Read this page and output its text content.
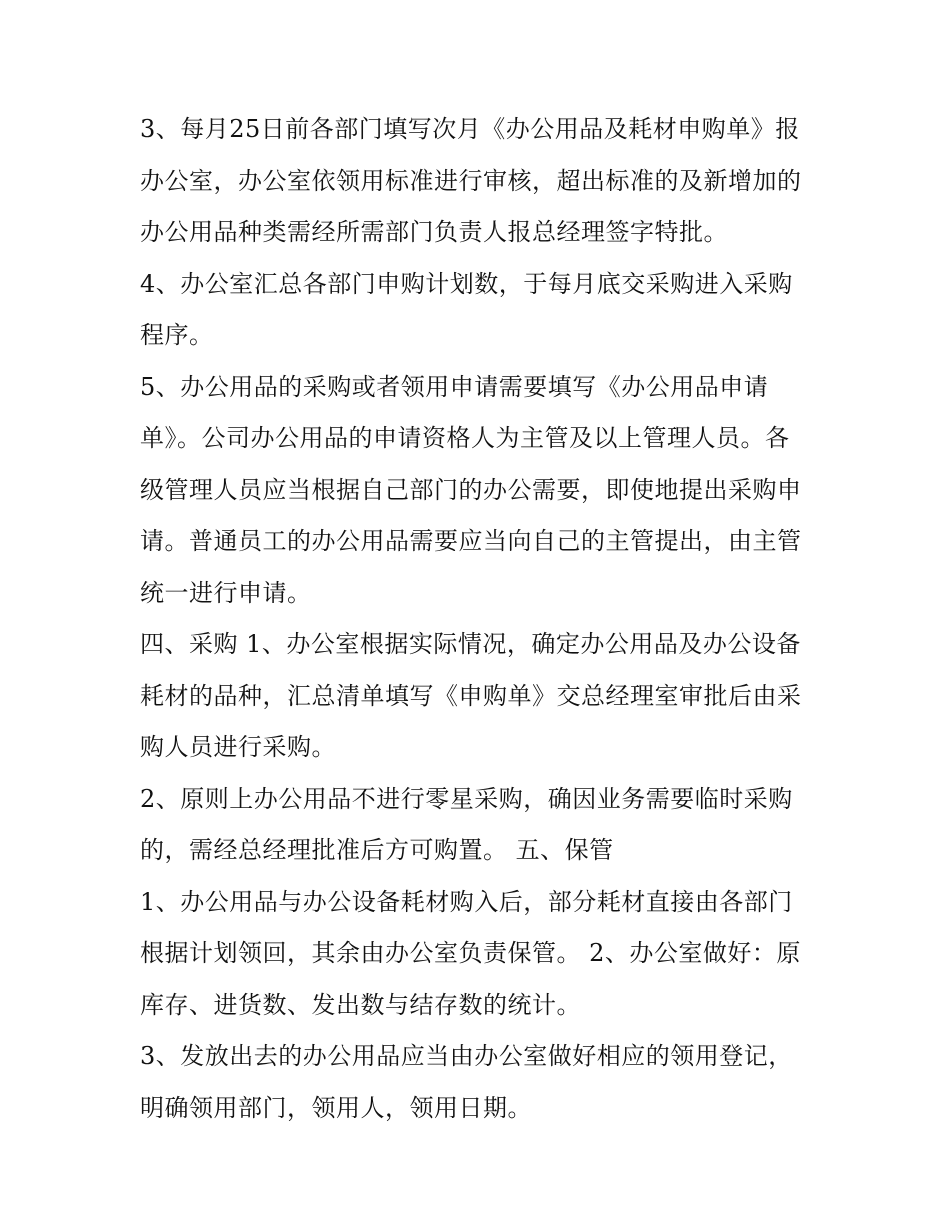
3、每月25日前各部门填写次月《办公用品及耗材申购单》报
办公室，办公室依领用标准进行审核，超出标准的及新增加的
办公用品种类需经所需部门负责人报总经理签字特批。
4、办公室汇总各部门申购计划数，于每月底交采购进入采购
程序。
5、办公用品的采购或者领用申请需要填写《办公用品申请
单》。公司办公用品的申请资格人为主管及以上管理人员。各
级管理人员应当根据自己部门的办公需要，即使地提出采购申
请。普通员工的办公用品需要应当向自己的主管提出，由主管
统一进行申请。
四、采购 1、办公室根据实际情况，确定办公用品及办公设备
耗材的品种，汇总清单填写《申购单》交总经理室审批后由采
购人员进行采购。
2、原则上办公用品不进行零星采购，确因业务需要临时采购
的，需经总经理批准后方可购置。 五、保管
1、办公用品与办公设备耗材购入后，部分耗材直接由各部门
根据计划领回，其余由办公室负责保管。 2、办公室做好：原
库存、进货数、发出数与结存数的统计。
3、发放出去的办公用品应当由办公室做好相应的领用登记，
明确领用部门，领用人，领用日期。
